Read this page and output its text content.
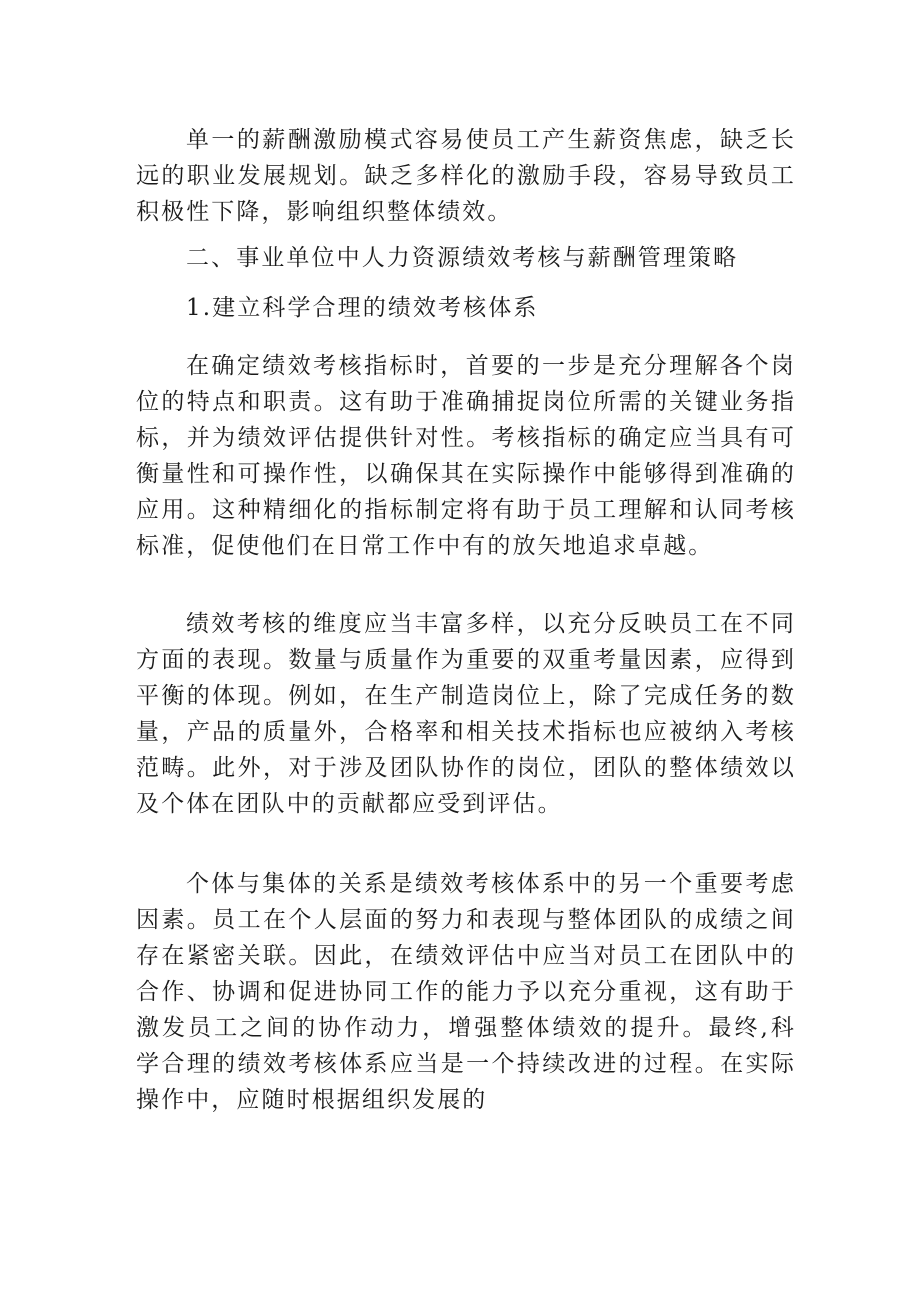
单一的薪酬激励模式容易使员工产生薪资焦虑，缺乏长远的职业发展规划。缺乏多样化的激励手段，容易导致员工积极性下降，影响组织整体绩效。

二、事业单位中人力资源绩效考核与薪酬管理策略

1.建立科学合理的绩效考核体系

在确定绩效考核指标时，首要的一步是充分理解各个岗位的特点和职责。这有助于准确捕捉岗位所需的关键业务指标，并为绩效评估提供针对性。考核指标的确定应当具有可衡量性和可操作性，以确保其在实际操作中能够得到准确的应用。这种精细化的指标制定将有助于员工理解和认同考核标准，促使他们在日常工作中有的放矢地追求卓越。

绩效考核的维度应当丰富多样，以充分反映员工在不同方面的表现。数量与质量作为重要的双重考量因素，应得到平衡的体现。例如，在生产制造岗位上，除了完成任务的数量，产品的质量外，合格率和相关技术指标也应被纳入考核范畴。此外，对于涉及团队协作的岗位，团队的整体绩效以及个体在团队中的贡献都应受到评估。

个体与集体的关系是绩效考核体系中的另一个重要考虑因素。员工在个人层面的努力和表现与整体团队的成绩之间存在紧密关联。因此，在绩效评估中应当对员工在团队中的合作、协调和促进协同工作的能力予以充分重视，这有助于激发员工之间的协作动力，增强整体绩效的提升。最终,科学合理的绩效考核体系应当是一个持续改进的过程。在实际操作中，应随时根据组织发展的
